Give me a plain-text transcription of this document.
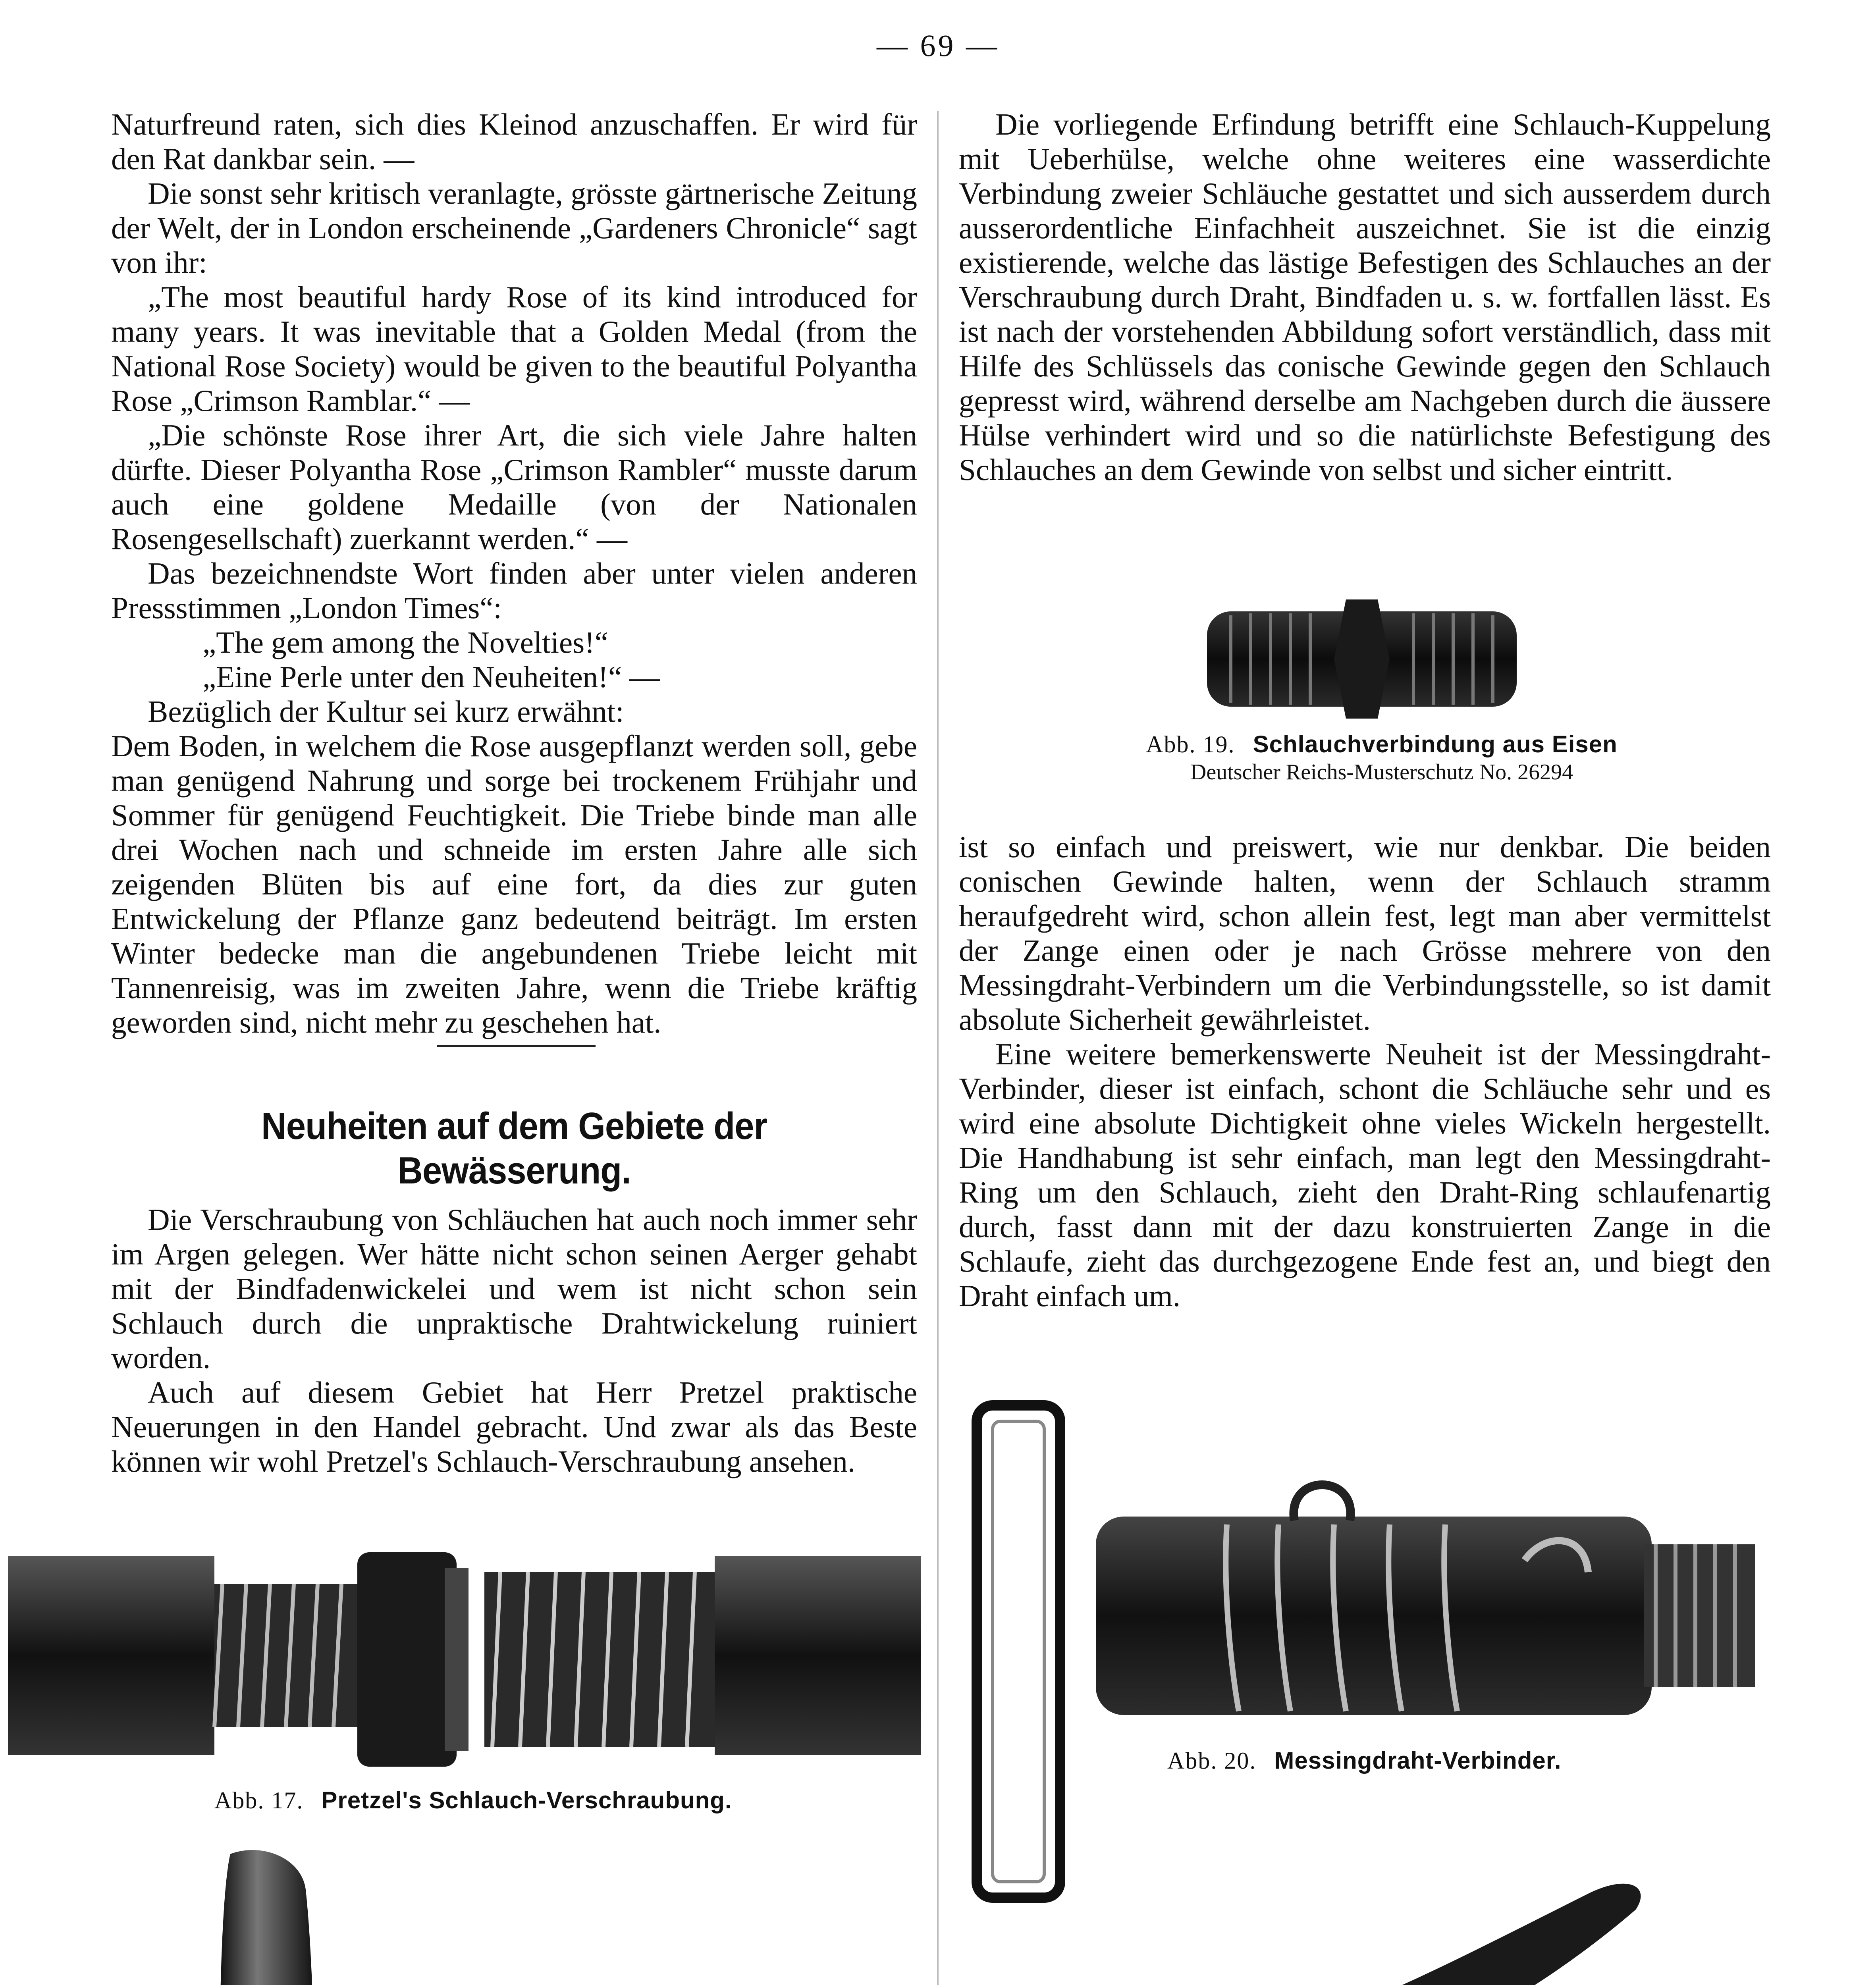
— 69 —

Naturfreund raten, sich dies Kleinod anzuschaffen. Er wird für den Rat dankbar sein. —

Die sonst sehr kritisch veranlagte, grösste gärtnerische Zeitung der Welt, der in London erscheinende „Gardeners Chronicle“ sagt von ihr:

„The most beautiful hardy Rose of its kind introduced for many years. It was inevitable that a Golden Medal (from the National Rose Society) would be given to the beautiful Polyantha Rose „Crimson Ramblar.“ —

„Die schönste Rose ihrer Art, die sich viele Jahre halten dürfte. Dieser Polyantha Rose „Crimson Rambler“ musste darum auch eine goldene Medaille (von der Nationalen Rosengesellschaft) zuerkannt werden.“ —

Das bezeichnendste Wort finden aber unter vielen anderen Pressstimmen „London Times“:

„The gem among the Novelties!“

„Eine Perle unter den Neuheiten!“ —

Bezüglich der Kultur sei kurz erwähnt:

Dem Boden, in welchem die Rose ausgepflanzt werden soll, gebe man genügend Nahrung und sorge bei trockenem Frühjahr und Sommer für genügend Feuchtigkeit. Die Triebe binde man alle drei Wochen nach und schneide im ersten Jahre alle sich zeigenden Blüten bis auf eine fort, da dies zur guten Entwickelung der Pflanze ganz bedeutend beiträgt. Im ersten Winter bedecke man die angebundenen Triebe leicht mit Tannenreisig, was im zweiten Jahre, wenn die Triebe kräftig geworden sind, nicht mehr zu geschehen hat.

Neuheiten auf dem Gebiete der Bewässerung.

Die Verschraubung von Schläuchen hat auch noch immer sehr im Argen gelegen. Wer hätte nicht schon seinen Aerger gehabt mit der Bindfadenwickelei und wem ist nicht schon sein Schlauch durch die unpraktische Drahtwickelung ruiniert worden.

Auch auf diesem Gebiet hat Herr Pretzel praktische Neuerungen in den Handel gebracht. Und zwar als das Beste können wir wohl Pretzel's Schlauch-Verschraubung ansehen.

Abb. 17. Pretzel's Schlauch-Verschraubung.

Die vorliegende Erfindung betrifft eine Schlauch-Kuppelung mit Ueberhülse, welche ohne weiteres eine wasserdichte Verbindung zweier Schläuche gestattet und sich ausserdem durch ausserordentliche Einfachheit auszeichnet. Sie ist die einzig existierende, welche das lästige Befestigen des Schlauches an der Verschraubung durch Draht, Bindfaden u. s. w. fortfallen lässt. Es ist nach der vorstehenden Abbildung sofort verständlich, dass mit Hilfe des Schlüssels das conische Gewinde gegen den Schlauch gepresst wird, während derselbe am Nachgeben durch die äussere Hülse verhindert wird und so die natürlichste Befestigung des Schlauches an dem Gewinde von selbst und sicher eintritt.

Abb. 19. Schlauchverbindung aus Eisen
Deutscher Reichs-Musterschutz No. 26294

ist so einfach und preiswert, wie nur denkbar. Die beiden conischen Gewinde halten, wenn der Schlauch stramm heraufgedreht wird, schon allein fest, legt man aber vermittelst der Zange einen oder je nach Grösse mehrere von den Messingdraht-Verbindern um die Verbindungsstelle, so ist damit absolute Sicherheit gewährleistet.

Eine weitere bemerkenswerte Neuheit ist der Messingdraht-Verbinder, dieser ist einfach, schont die Schläuche sehr und es wird eine absolute Dichtigkeit ohne vieles Wickeln hergestellt. Die Handhabung ist sehr einfach, man legt den Messingdraht-Ring um den Schlauch, zieht den Draht-Ring schlaufenartig durch, fasst dann mit der dazu konstruierten Zange in die Schlaufe, zieht das durchgezogene Ende fest an, und biegt den Draht einfach um.

Abb. 20. Messingdraht-Verbinder.
